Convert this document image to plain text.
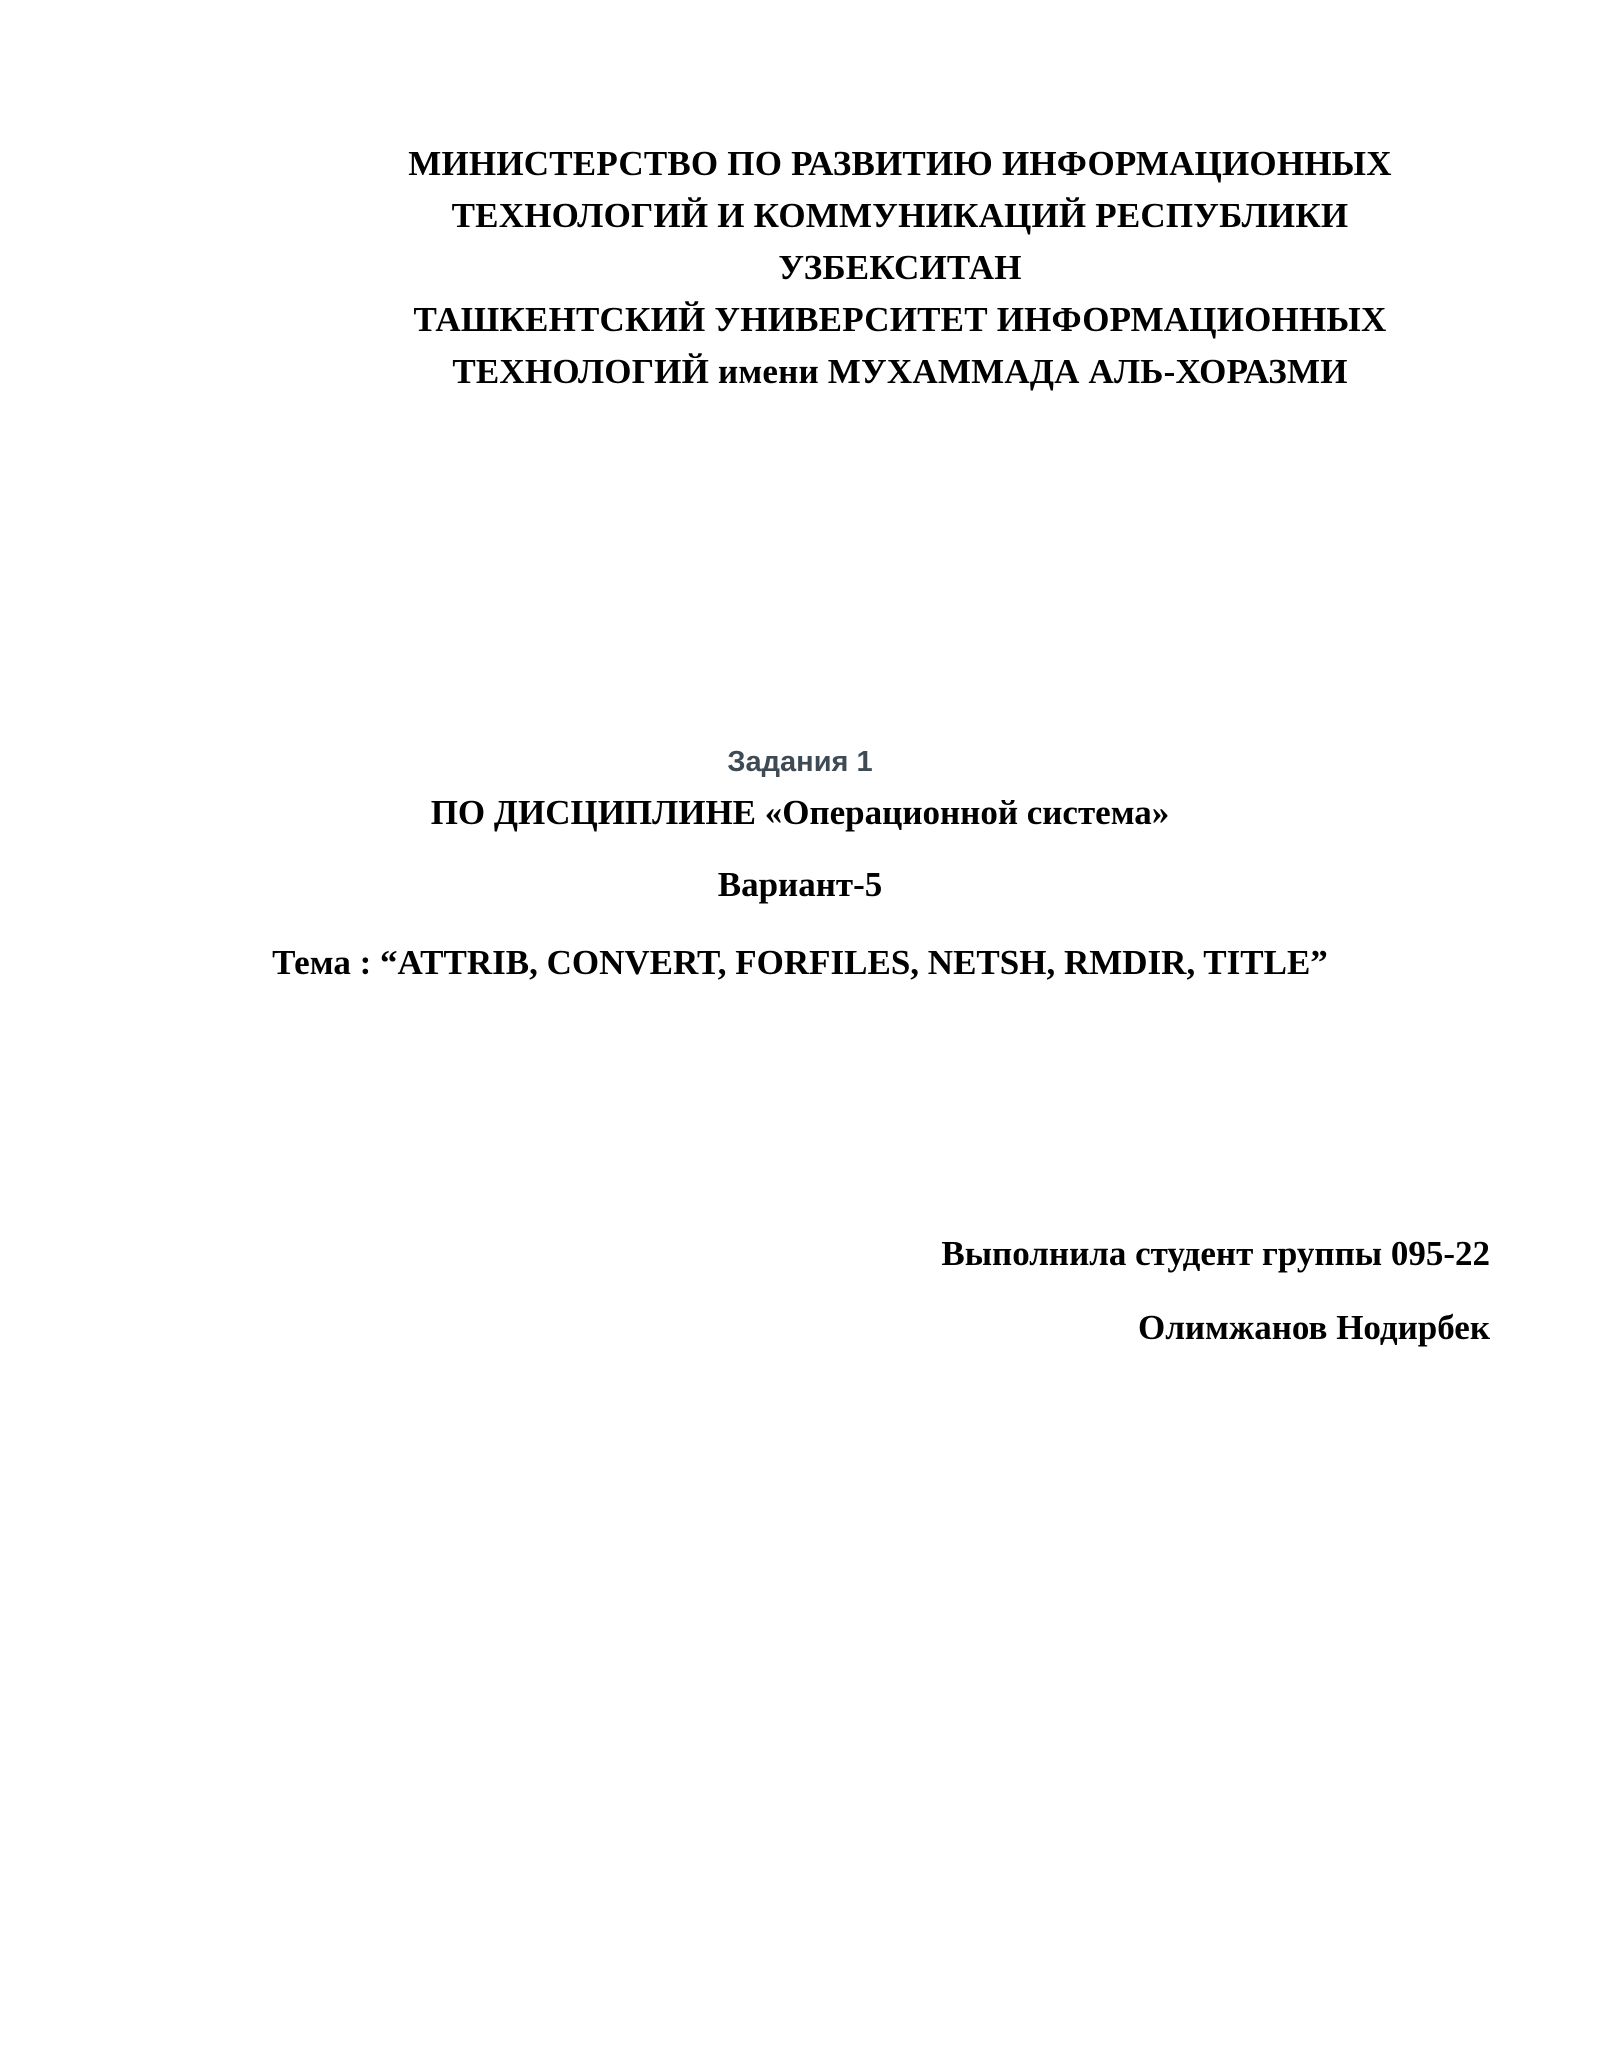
МИНИСТЕРСТВО ПО РАЗВИТИЮ ИНФОРМАЦИОННЫХ
ТЕХНОЛОГИЙ И КОММУНИКАЦИЙ РЕСПУБЛИКИ
УЗБЕКСИТАН
ТАШКЕНТСКИЙ УНИВЕРСИТЕТ ИНФОРМАЦИОННЫХ
ТЕХНОЛОГИЙ имени МУХАММАДА АЛЬ-ХОРАЗМИ
Задания 1
ПО ДИСЦИПЛИНЕ «Операционной система»
Вариант-5
Тема : “ATTRIB, CONVERT, FORFILES, NETSH, RMDIR, TITLE”
Выполнила студент группы 095-22
Олимжанов Нодирбек
